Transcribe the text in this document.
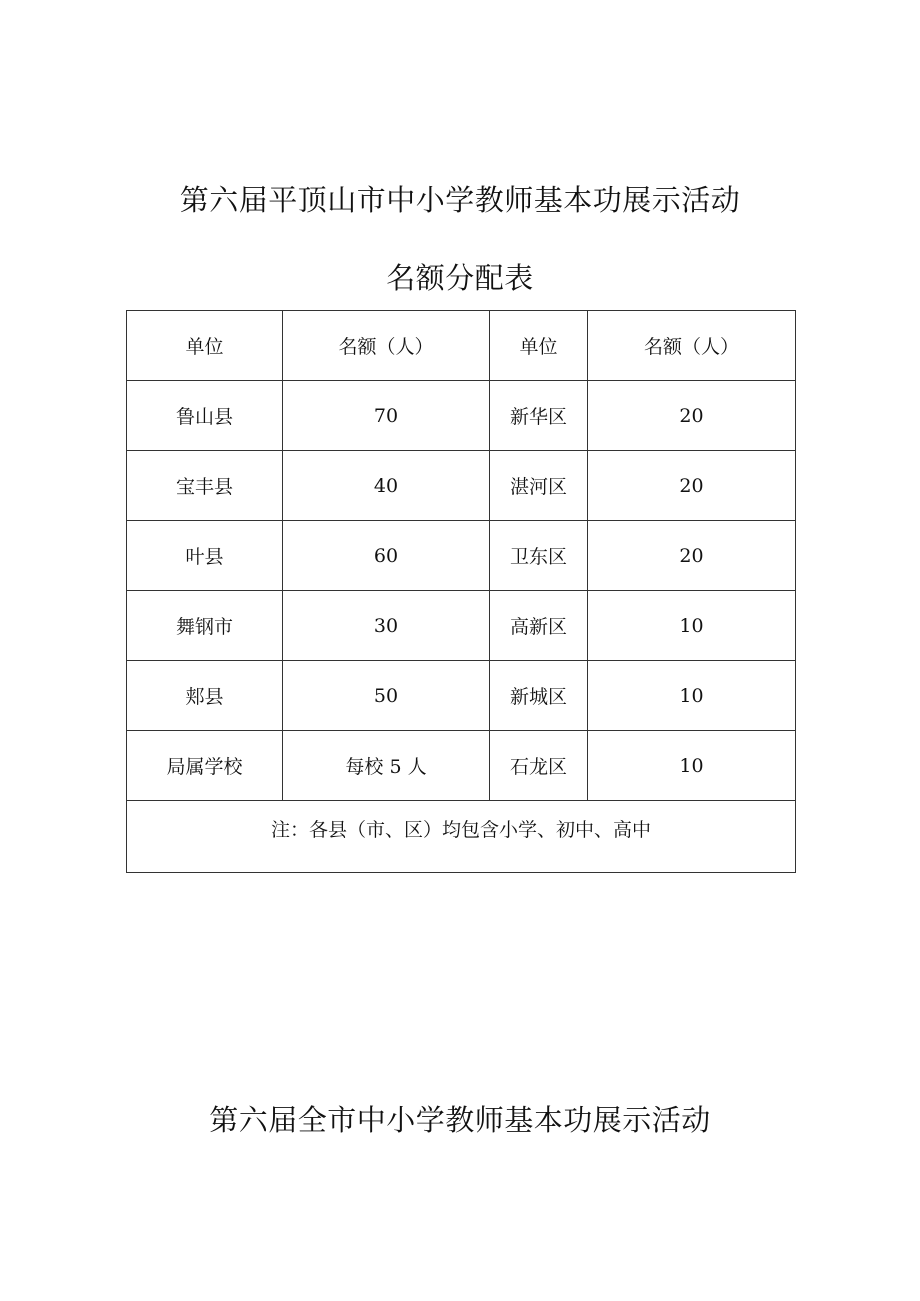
第六届平顶山市中小学教师基本功展示活动
名额分配表
单位	名额（人）	单位	名额（人）
鲁山县	70	新华区	20
宝丰县	40	湛河区	20
叶县	60	卫东区	20
舞钢市	30	高新区	10
郏县	50	新城区	10
局属学校	每校 5 人	石龙区	10
注：各县（市、区）均包含小学、初中、高中			
第六届全市中小学教师基本功展示活动
